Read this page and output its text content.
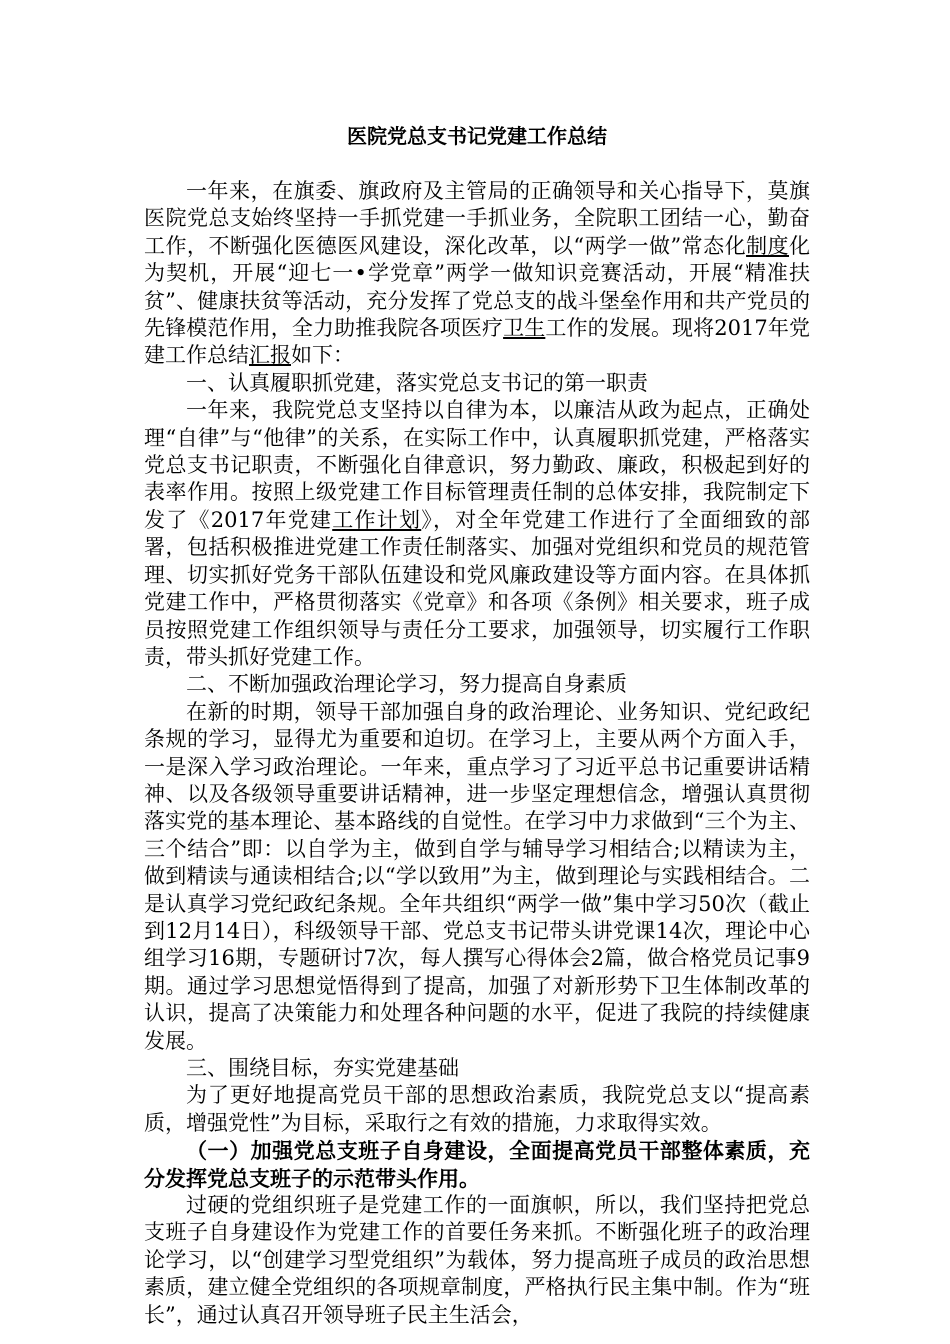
医院党总支书记党建工作总结

一年来，在旗委、旗政府及主管局的正确领导和关心指导下，莫旗医院党总支始终坚持一手抓党建一手抓业务，全院职工团结一心，勤奋工作，不断强化医德医风建设，深化改革，以“两学一做”常态化制度化为契机，开展“迎七一•学党章”两学一做知识竞赛活动，开展“精准扶贫”、健康扶贫等活动，充分发挥了党总支的战斗堡垒作用和共产党员的先锋模范作用，全力助推我院各项医疗卫生工作的发展。现将2017年党建工作总结汇报如下：

一、认真履职抓党建，落实党总支书记的第一职责

一年来，我院党总支坚持以自律为本，以廉洁从政为起点，正确处理“自律”与“他律”的关系，在实际工作中，认真履职抓党建，严格落实党总支书记职责，不断强化自律意识，努力勤政、廉政，积极起到好的表率作用。按照上级党建工作目标管理责任制的总体安排，我院制定下发了《2017年党建工作计划》，对全年党建工作进行了全面细致的部署，包括积极推进党建工作责任制落实、加强对党组织和党员的规范管理、切实抓好党务干部队伍建设和党风廉政建设等方面内容。在具体抓党建工作中，严格贯彻落实《党章》和各项《条例》相关要求，班子成员按照党建工作组织领导与责任分工要求，加强领导，切实履行工作职责，带头抓好党建工作。

二、不断加强政治理论学习，努力提高自身素质

在新的时期，领导干部加强自身的政治理论、业务知识、党纪政纪条规的学习，显得尤为重要和迫切。在学习上，主要从两个方面入手，一是深入学习政治理论。一年来，重点学习了习近平总书记重要讲话精神、以及各级领导重要讲话精神，进一步坚定理想信念，增强认真贯彻落实党的基本理论、基本路线的自觉性。在学习中力求做到“三个为主、三个结合”即：以自学为主，做到自学与辅导学习相结合;以精读为主，做到精读与通读相结合;以“学以致用”为主，做到理论与实践相结合。二是认真学习党纪政纪条规。全年共组织“两学一做”集中学习50次（截止到12月14日），科级领导干部、党总支书记带头讲党课14次，理论中心组学习16期，专题研讨7次，每人撰写心得体会2篇，做合格党员记事9期。通过学习思想觉悟得到了提高，加强了对新形势下卫生体制改革的认识，提高了决策能力和处理各种问题的水平，促进了我院的持续健康发展。

三、围绕目标，夯实党建基础

为了更好地提高党员干部的思想政治素质，我院党总支以“提高素质，增强党性”为目标，采取行之有效的措施，力求取得实效。

（一）加强党总支班子自身建设，全面提高党员干部整体素质，充分发挥党总支班子的示范带头作用。

过硬的党组织班子是党建工作的一面旗帜，所以，我们坚持把党总支班子自身建设作为党建工作的首要任务来抓。不断强化班子的政治理论学习，以“创建学习型党组织”为载体，努力提高班子成员的政治思想素质，建立健全党组织的各项规章制度，严格执行民主集中制。作为“班长”，通过认真召开领导班子民主生活会，
